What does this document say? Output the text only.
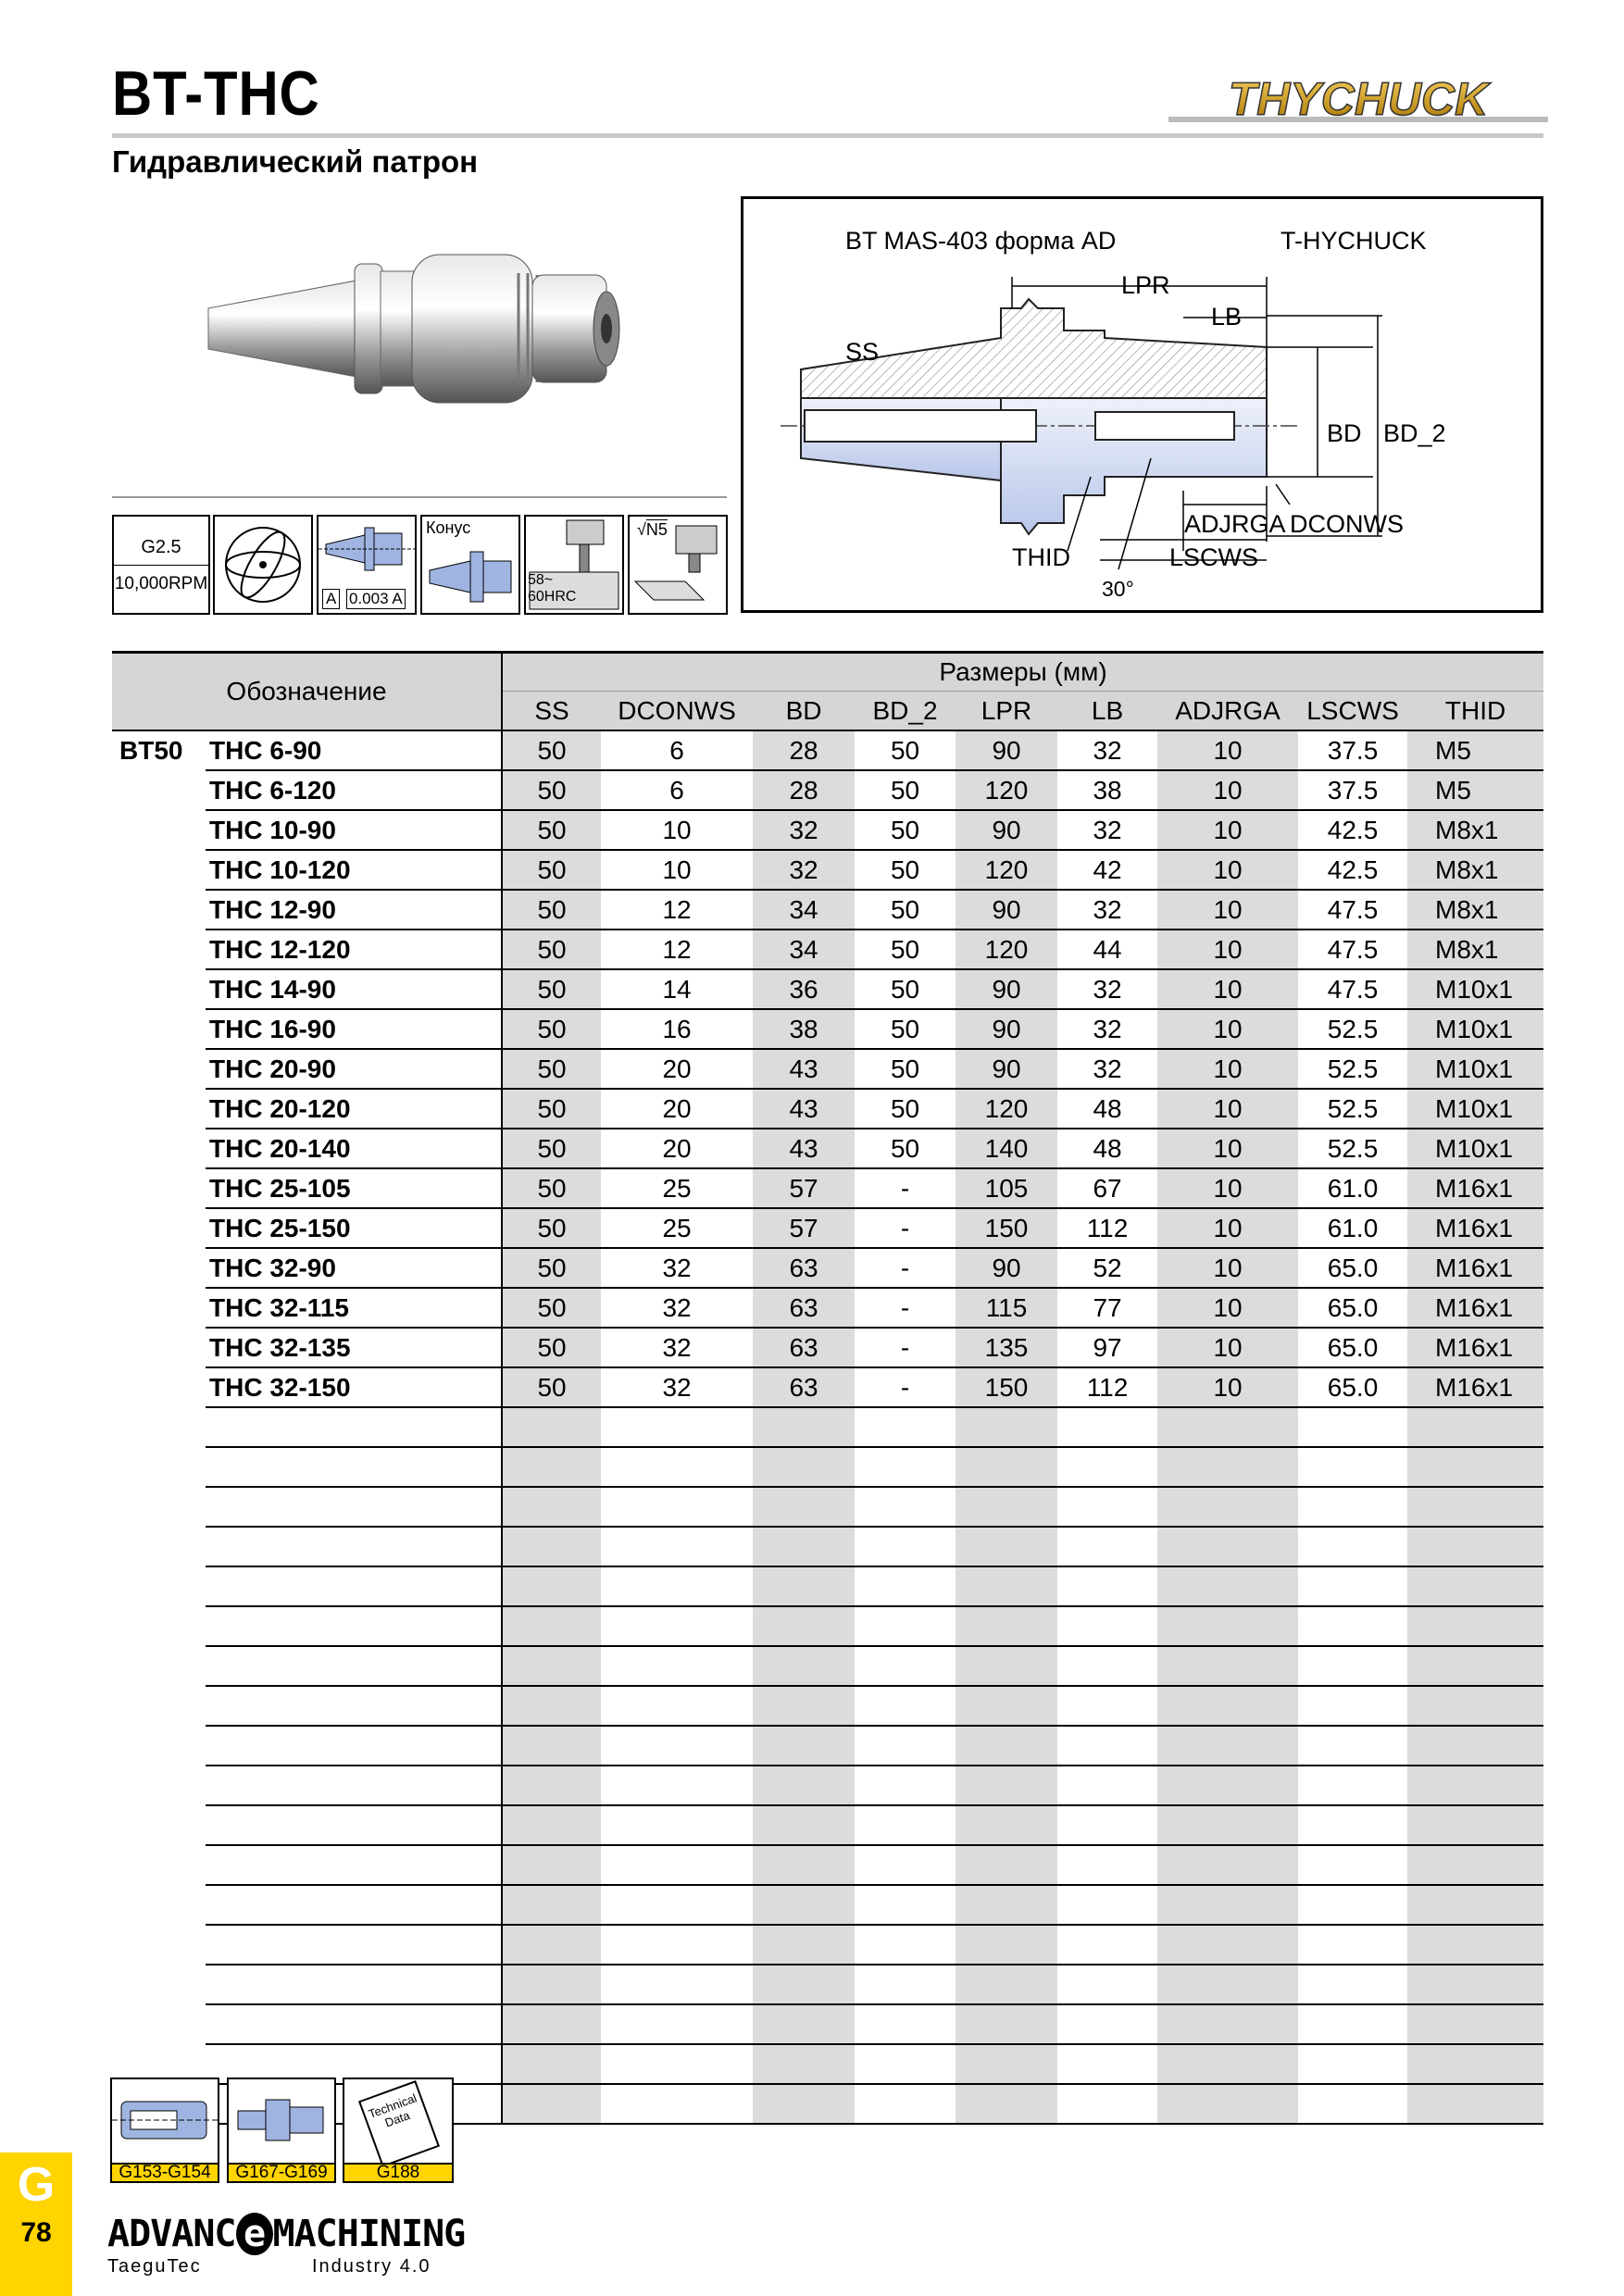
BT-THC
Гидравлический патрон
THYCHUCK
G2.5
10,000RPM
A 0.003 A
Конус
58~
60HRC
√N5
BT MAS-403 форма AD	T-HYCHUCK
LPR
LB
SS
BD BD_2
ADJRGA DCONWS
THID	LSCWS
30°
Обозначение		Размеры (мм)								
		SS	DCONWS	BD	BD_2	LPR	LB	ADJRGA	LSCWS	THID
BT50	THC 6-90	50	6	28	50	90	32	10	37.5	M5
	THC 6-120	50	6	28	50	120	38	10	37.5	M5
	THC 10-90	50	10	32	50	90	32	10	42.5	M8x1
	THC 10-120	50	10	32	50	120	42	10	42.5	M8x1
	THC 12-90	50	12	34	50	90	32	10	47.5	M8x1
	THC 12-120	50	12	34	50	120	44	10	47.5	M8x1
	THC 14-90	50	14	36	50	90	32	10	47.5	M10x1
	THC 16-90	50	16	38	50	90	32	10	52.5	M10x1
	THC 20-90	50	20	43	50	90	32	10	52.5	M10x1
	THC 20-120	50	20	43	50	120	48	10	52.5	M10x1
	THC 20-140	50	20	43	50	140	48	10	52.5	M10x1
	THC 25-105	50	25	57	-	105	67	10	61.0	M16x1
	THC 25-150	50	25	57	-	150	112	10	61.0	M16x1
	THC 32-90	50	32	63	-	90	52	10	65.0	M16x1
	THC 32-115	50	32	63	-	115	77	10	65.0	M16x1
	THC 32-135	50	32	63	-	135	97	10	65.0	M16x1
	THC 32-150	50	32	63	-	150	112	10	65.0	M16x1

G153-G154	G167-G169
Technical Data
G188
G
78	ADVANC e MACHINING
TaeguTec	Industry 4.0
